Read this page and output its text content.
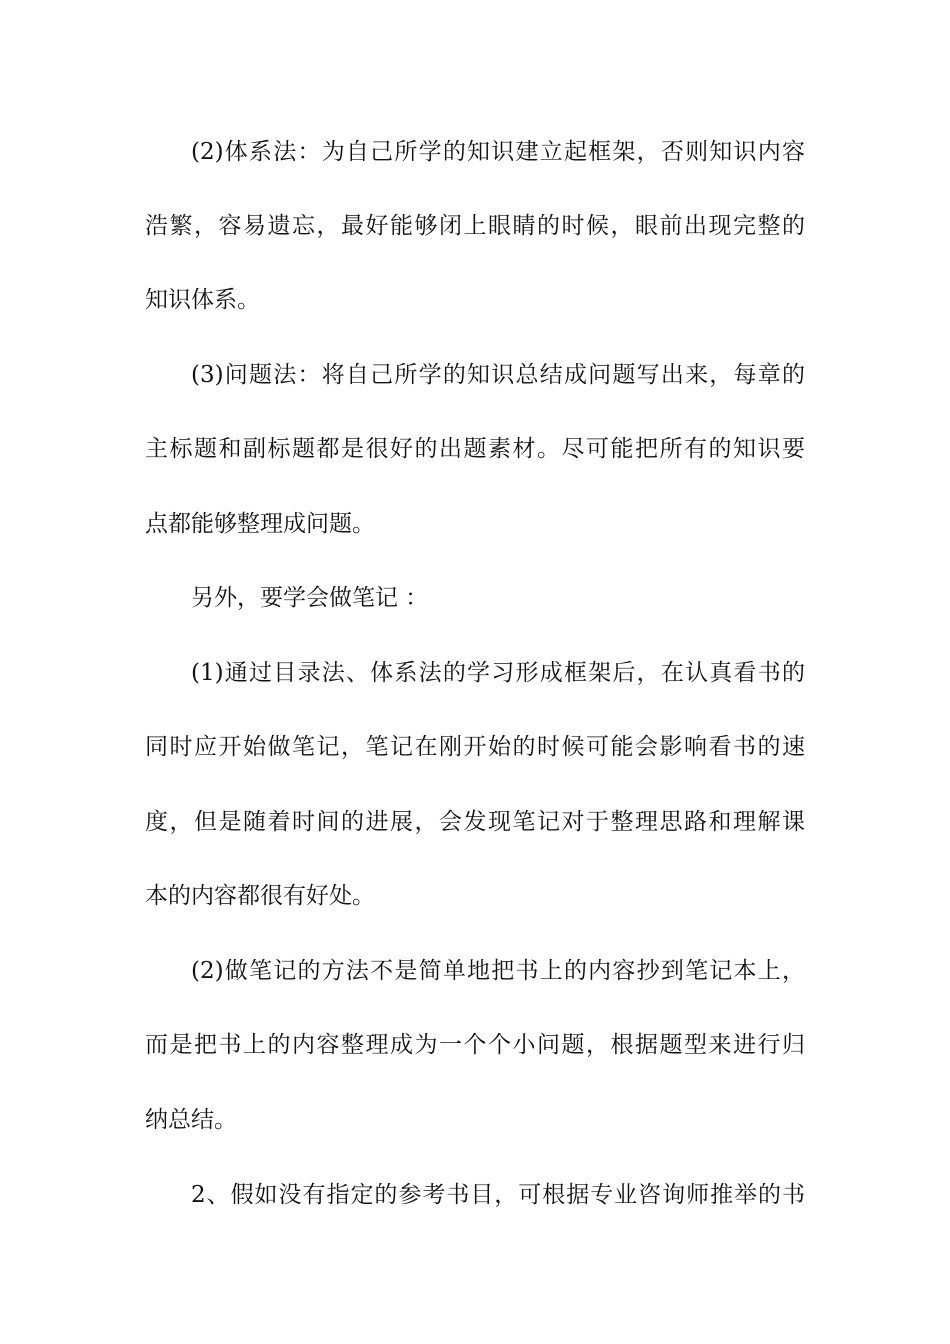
(2)体系法：为自己所学的知识建立起框架，否则知识内容
浩繁，容易遗忘，最好能够闭上眼睛的时候，眼前出现完整的
知识体系。
(3)问题法：将自己所学的知识总结成问题写出来，每章的
主标题和副标题都是很好的出题素材。尽可能把所有的知识要
点都能够整理成问题。
另外，要学会做笔记 ：
(1)通过目录法、体系法的学习形成框架后，在认真看书的
同时应开始做笔记，笔记在刚开始的时候可能会影响看书的速
度，但是随着时间的进展，会发现笔记对于整理思路和理解课
本的内容都很有好处。
(2)做笔记的方法不是简单地把书上的内容抄到笔记本上，
而是把书上的内容整理成为一个个小问题，根据题型来进行归
纳总结。
2、假如没有指定的参考书目，可根据专业咨询师推举的书
